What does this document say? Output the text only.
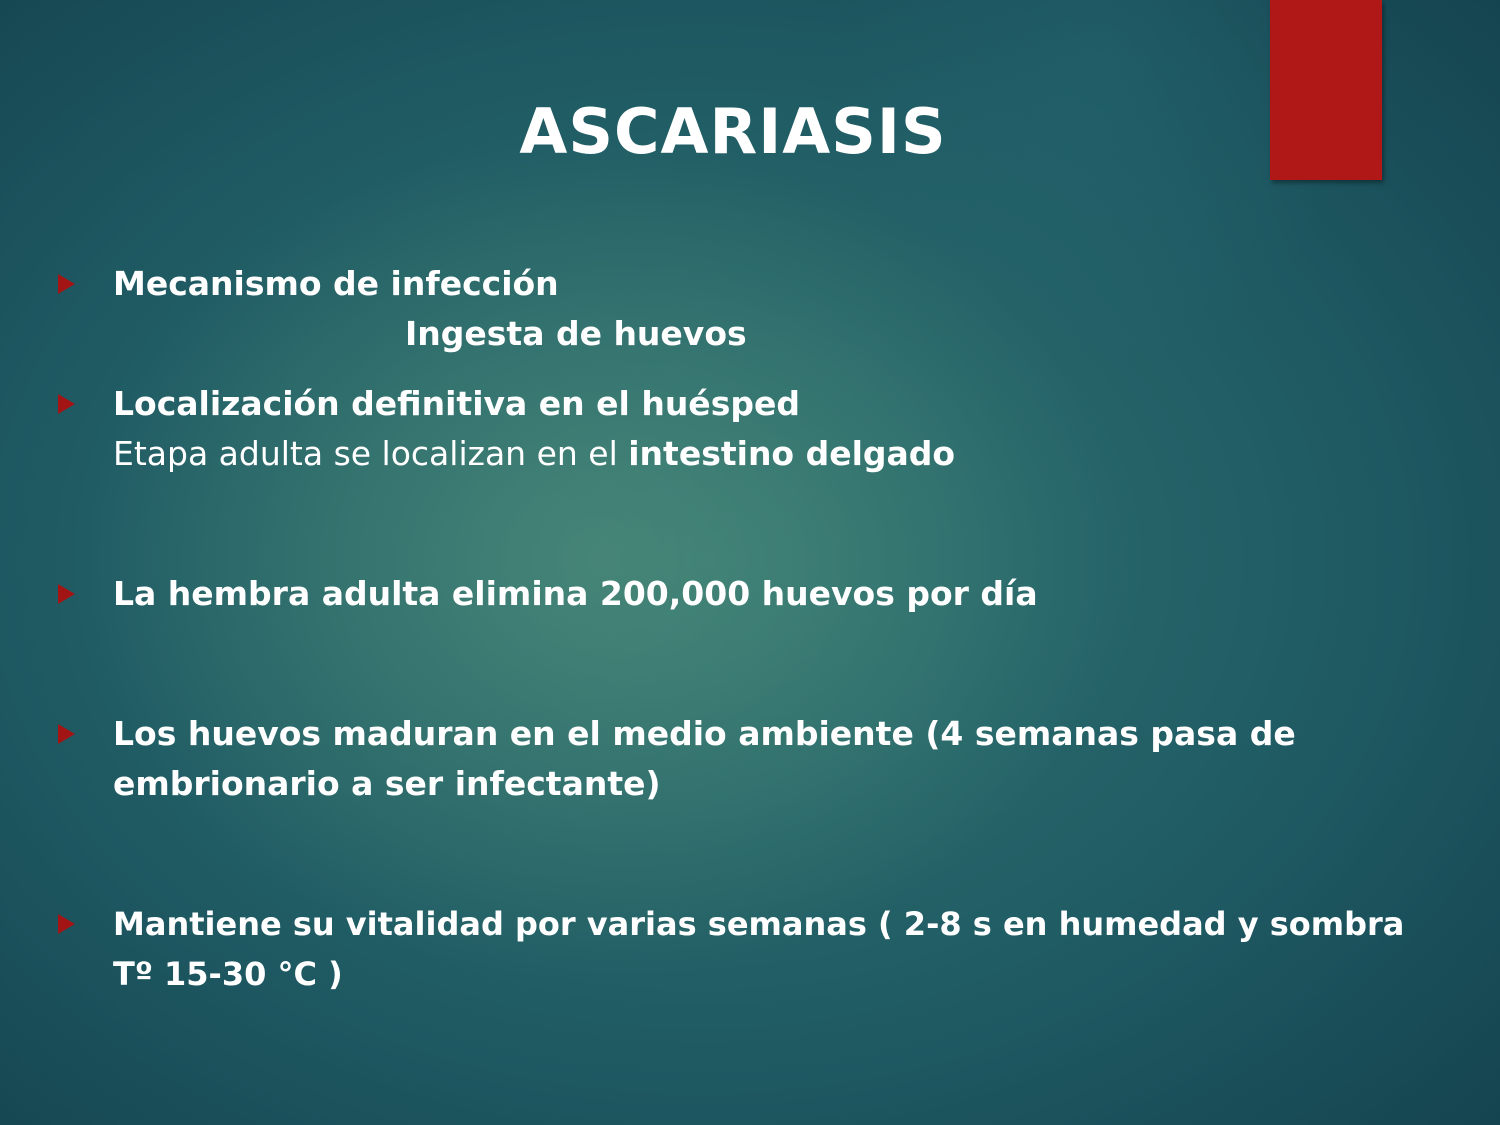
ASCARIASIS
Mecanismo de infección
Ingesta de huevos
Localización definitiva en el huésped
Etapa adulta se localizan en el intestino delgado
La hembra adulta elimina 200,000 huevos por día
Los huevos maduran en el medio ambiente (4 semanas pasa de
embrionario a ser infectante)
Mantiene su vitalidad por varias semanas ( 2-8 s en humedad y sombra
Tº 15-30 °C )
